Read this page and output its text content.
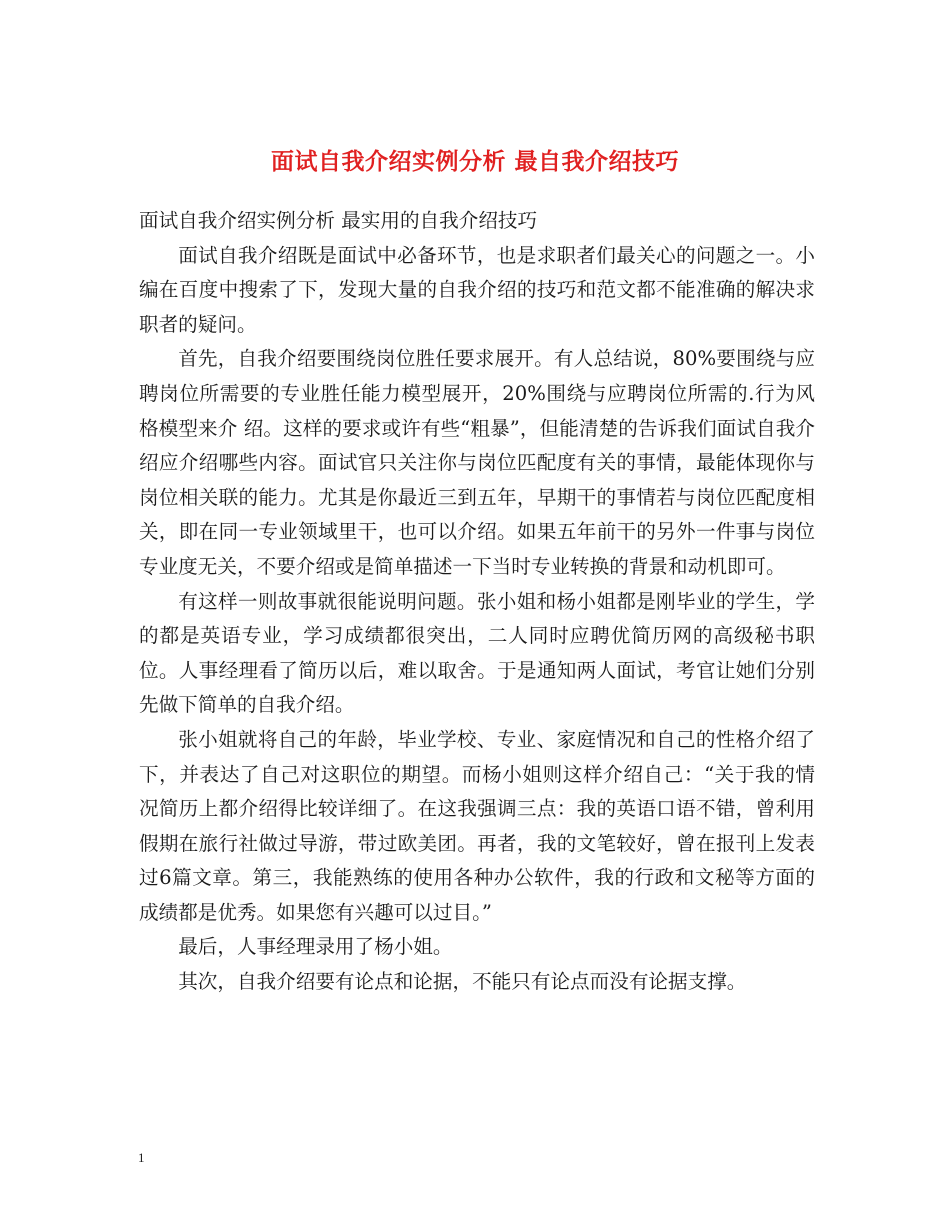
面试自我介绍实例分析 最自我介绍技巧

面试自我介绍实例分析 最实用的自我介绍技巧

面试自我介绍既是面试中必备环节，也是求职者们最关心的问题之一。小编在百度中搜索了下，发现大量的自我介绍的技巧和范文都不能准确的解决求职者的疑问。

首先，自我介绍要围绕岗位胜任要求展开。有人总结说，80%要围绕与应聘岗位所需要的专业胜任能力模型展开，20%围绕与应聘岗位所需的.行为风格模型来介 绍。这样的要求或许有些“粗暴”，但能清楚的告诉我们面试自我介绍应介绍哪些内容。面试官只关注你与岗位匹配度有关的事情，最能体现你与岗位相关联的能力。尤其是你最近三到五年，早期干的事情若与岗位匹配度相关，即在同一专业领域里干，也可以介绍。如果五年前干的另外一件事与岗位专业度无关，不要介绍或是简单描述一下当时专业转换的背景和动机即可。

有这样一则故事就很能说明问题。张小姐和杨小姐都是刚毕业的学生，学的都是英语专业，学习成绩都很突出，二人同时应聘优简历网的高级秘书职位。人事经理看了简历以后，难以取舍。于是通知两人面试，考官让她们分别先做下简单的自我介绍。

张小姐就将自己的年龄，毕业学校、专业、家庭情况和自己的性格介绍了下，并表达了自己对这职位的期望。而杨小姐则这样介绍自己：“关于我的情况简历上都介绍得比较详细了。在这我强调三点：我的英语口语不错，曾利用假期在旅行社做过导游，带过欧美团。再者，我的文笔较好，曾在报刊上发表过6篇文章。第三，我能熟练的使用各种办公软件，我的行政和文秘等方面的成绩都是优秀。如果您有兴趣可以过目。”

最后，人事经理录用了杨小姐。

其次，自我介绍要有论点和论据，不能只有论点而没有论据支撑。

1
